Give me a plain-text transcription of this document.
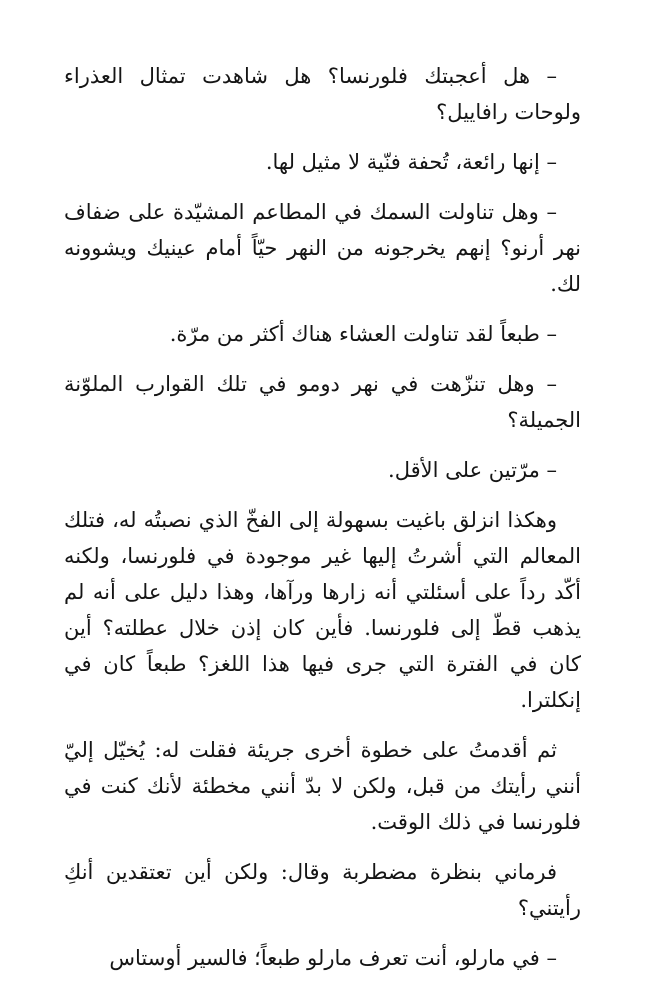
– هل أعجبتك فلورنسا؟ هل شاهدت تمثال العذراء ولوحات رافاييل؟

– إنها رائعة، تُحفة فنّية لا مثيل لها.

– وهل تناولت السمك في المطاعم المشيّدة على ضفاف نهر أرنو؟ إنهم يخرجونه من النهر حيّاً أمام عينيك ويشوونه لك.

– طبعاً لقد تناولت العشاء هناك أكثر من مرّة.

– وهل تنزّهت في نهر دومو في تلك القوارب الملوّنة الجميلة؟

– مرّتين على الأقل.

وهكذا انزلق باغيت بسهولة إلى الفخّ الذي نصبتُه له، فتلك المعالم التي أشرتُ إليها غير موجودة في فلورنسا، ولكنه أكّد رداً على أسئلتي أنه زارها ورآها، وهذا دليل على أنه لم يذهب قطّ إلى فلورنسا. فأين كان إذن خلال عطلته؟ أين كان في الفترة التي جرى فيها هذا اللغز؟ طبعاً كان في إنكلترا.

ثم أقدمتُ على خطوة أخرى جريئة فقلت له: يُخيّل إليّ أنني رأيتك من قبل، ولكن لا بدّ أنني مخطئة لأنك كنت في فلورنسا في ذلك الوقت.

فرماني بنظرة مضطربة وقال: ولكن أين تعتقدين أنكِ رأيتني؟

– في مارلو، أنت تعرف مارلو طبعاً؛ فالسير أوستاس
